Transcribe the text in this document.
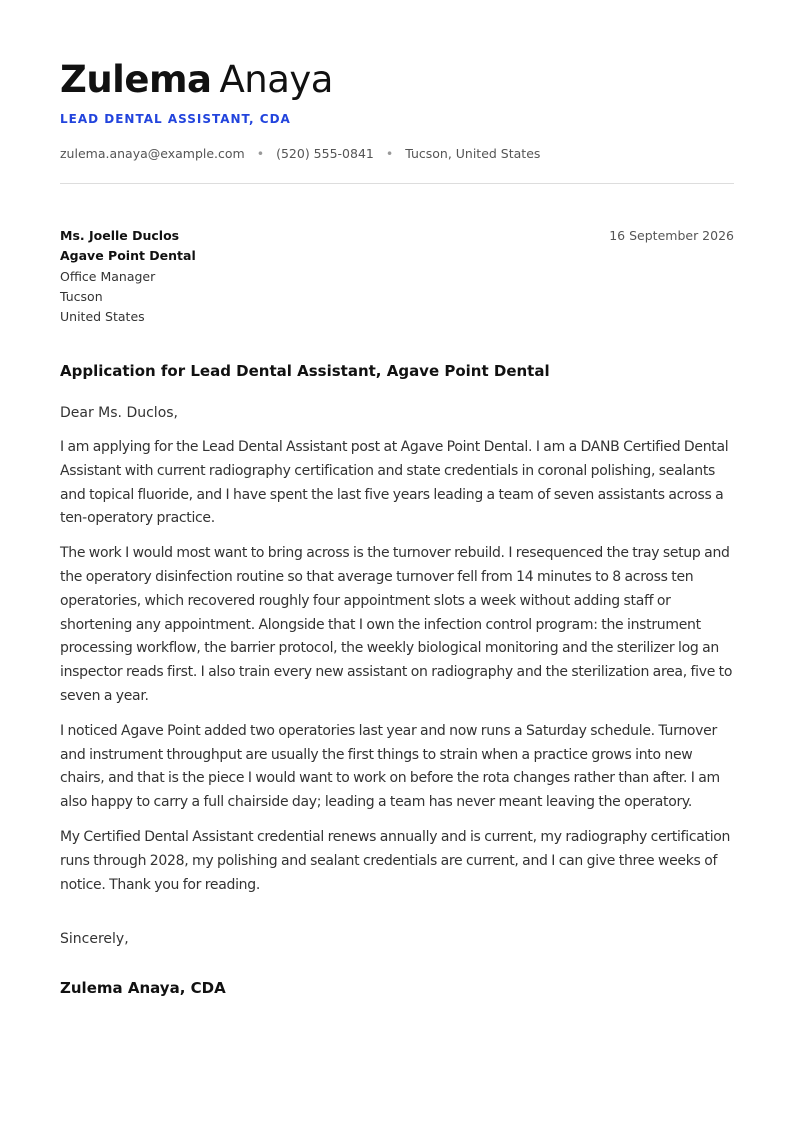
Zulema Anaya
LEAD DENTAL ASSISTANT, CDA
zulema.anaya@example.com • (520) 555-0841 • Tucson, United States
Ms. Joelle Duclos
Agave Point Dental
Office Manager
Tucson
United States
16 September 2026
Application for Lead Dental Assistant, Agave Point Dental
Dear Ms. Duclos,

I am applying for the Lead Dental Assistant post at Agave Point Dental. I am a DANB Certified Dental Assistant with current radiography certification and state credentials in coronal polishing, sealants and topical fluoride, and I have spent the last five years leading a team of seven assistants across a ten-operatory practice.

The work I would most want to bring across is the turnover rebuild. I resequenced the tray setup and the operatory disinfection routine so that average turnover fell from 14 minutes to 8 across ten operatories, which recovered roughly four appointment slots a week without adding staff or shortening any appointment. Alongside that I own the infection control program: the instrument processing workflow, the barrier protocol, the weekly biological monitoring and the sterilizer log an inspector reads first. I also train every new assistant on radiography and the sterilization area, five to seven a year.

I noticed Agave Point added two operatories last year and now runs a Saturday schedule. Turnover and instrument throughput are usually the first things to strain when a practice grows into new chairs, and that is the piece I would want to work on before the rota changes rather than after. I am also happy to carry a full chairside day; leading a team has never meant leaving the operatory.

My Certified Dental Assistant credential renews annually and is current, my radiography certification runs through 2028, my polishing and sealant credentials are current, and I can give three weeks of notice. Thank you for reading.

Sincerely,
Zulema Anaya, CDA
